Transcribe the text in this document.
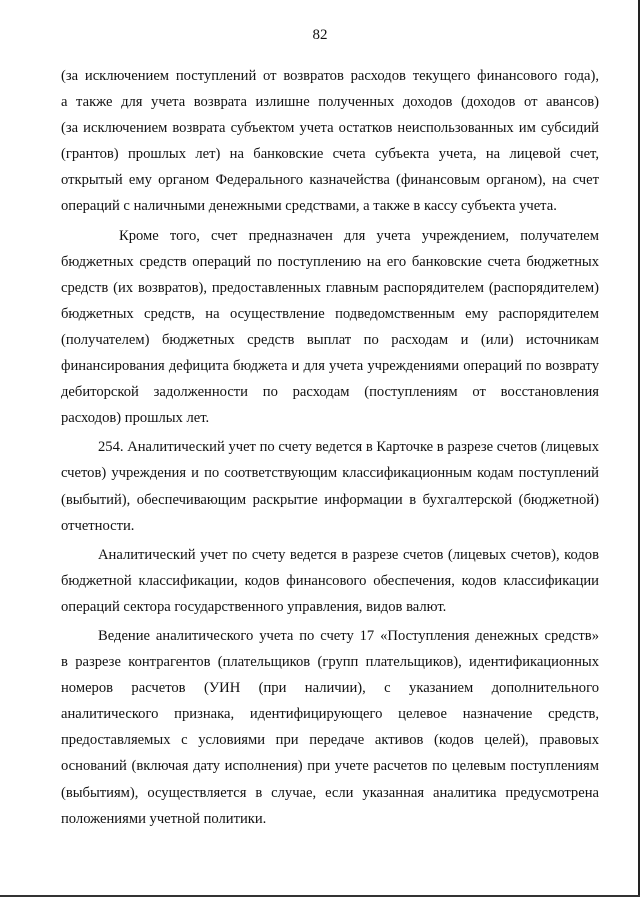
82
(за исключением поступлений от возвратов расходов текущего финансового года),
а также для учета возврата излишне полученных доходов (доходов от авансов)
(за исключением возврата субъектом учета остатков неиспользованных им субсидий
(грантов) прошлых лет) на банковские счета субъекта учета, на лицевой счет,
открытый ему органом Федерального казначейства (финансовым органом), на счет
операций с наличными денежными средствами, а также в кассу субъекта учета.
Кроме того, счет предназначен для учета учреждением, получателем
бюджетных средств операций по поступлению на его банковские счета бюджетных
средств (их возвратов), предоставленных главным распорядителем (распорядителем)
бюджетных средств, на осуществление подведомственным ему распорядителем
(получателем) бюджетных средств выплат по расходам и (или) источникам
финансирования дефицита бюджета и для учета учреждениями операций по возврату
дебиторской задолженности по расходам (поступлениям от восстановления
расходов) прошлых лет.
254. Аналитический учет по счету ведется в Карточке в разрезе счетов (лицевых
счетов) учреждения и по соответствующим классификационным кодам поступлений
(выбытий), обеспечивающим раскрытие информации в бухгалтерской (бюджетной)
отчетности.
Аналитический учет по счету ведется в разрезе счетов (лицевых счетов), кодов
бюджетной классификации, кодов финансового обеспечения, кодов классификации
операций сектора государственного управления, видов валют.
Ведение аналитического учета по счету 17 «Поступления денежных средств»
в разрезе контрагентов (плательщиков (групп плательщиков), идентификационных
номеров расчетов (УИН (при наличии), с указанием дополнительного
аналитического признака, идентифицирующего целевое назначение средств,
предоставляемых с условиями при передаче активов (кодов целей), правовых
оснований (включая дату исполнения) при учете расчетов по целевым поступлениям
(выбытиям), осуществляется в случае, если указанная аналитика предусмотрена
положениями учетной политики.
